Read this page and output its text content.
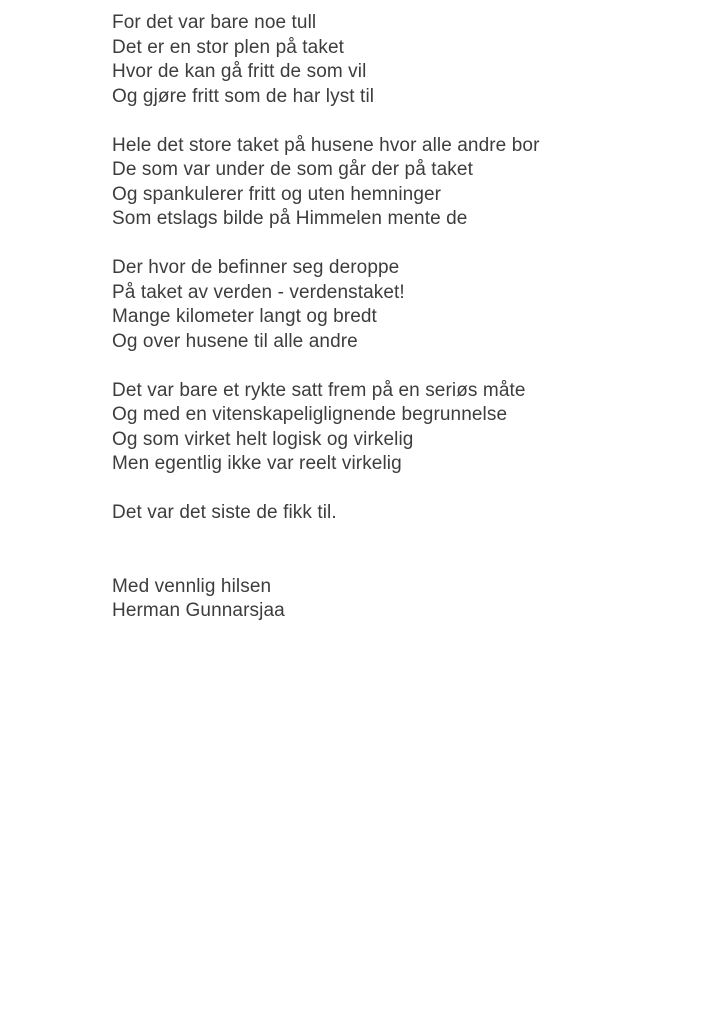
For det var bare noe tull
Det er en stor plen på taket
Hvor de kan gå fritt de som vil
Og gjøre fritt som de har lyst til
Hele det store taket på husene hvor alle andre bor
De som var under de som går der på taket
Og spankulerer fritt og uten hemninger
Som etslags bilde på Himmelen mente de
Der hvor de befinner seg deroppe
På taket av verden - verdenstaket!
Mange kilometer langt og bredt
Og over husene til alle andre
Det var bare et rykte satt frem på en seriøs måte
Og med en vitenskapeliglignende begrunnelse
Og som virket helt logisk og virkelig
Men egentlig ikke var reelt virkelig
Det var det siste de fikk til.
Med vennlig hilsen
Herman Gunnarsjaa
